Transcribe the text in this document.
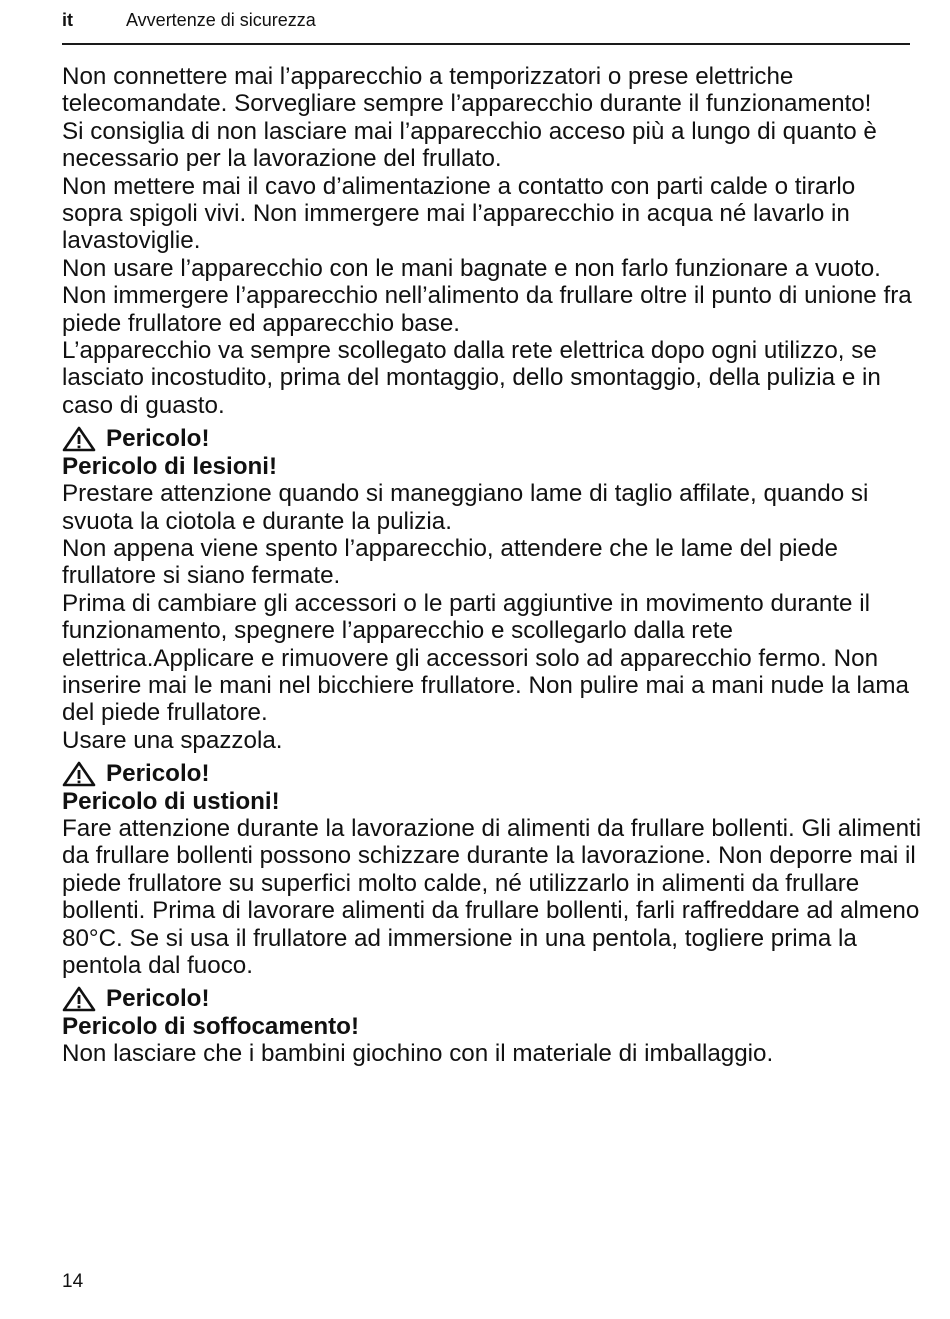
it	Avvertenze di sicurezza

Non connettere mai l’apparecchio a temporizzatori o prese elettriche telecomandate. Sorvegliare sempre l’apparecchio durante il funzionamento!

Si consiglia di non lasciare mai l’apparecchio acceso più a lungo di quanto è necessario per la lavorazione del frullato.

Non mettere mai il cavo d’alimentazione a contatto con parti calde o tirarlo sopra spigoli vivi. Non immergere mai l’apparecchio in acqua né lavarlo in lavastoviglie.

Non usare l’apparecchio con le mani bagnate e non farlo funzionare a vuoto.

Non immergere l’apparecchio nell’alimento da frullare oltre il punto di unione fra piede frullatore ed apparecchio base.

L’apparecchio va sempre scollegato dalla rete elettrica dopo ogni utilizzo, se lasciato incostudito, prima del montaggio, dello smontaggio, della pulizia e in caso di guasto.

Pericolo!

Pericolo di lesioni!

Prestare attenzione quando si maneggiano lame di taglio affilate, quando si svuota la ciotola e durante la pulizia.

Non appena viene spento l’apparecchio, attendere che le lame del piede frullatore si siano fermate.

Prima di cambiare gli accessori o le parti aggiuntive in movimento durante il funzionamento, spegnere l’apparecchio e scollegarlo dalla rete elettrica.Applicare e rimuovere gli accessori solo ad apparecchio fermo. Non inserire mai le mani nel bicchiere frullatore. Non pulire mai a mani nude la lama del piede frullatore.

Usare una spazzola.

Pericolo!

Pericolo di ustioni!

Fare attenzione durante la lavorazione di alimenti da frullare bollenti. Gli alimenti da frullare bollenti possono schizzare durante la lavorazione. Non deporre mai il piede frullatore su superfici molto calde, né utilizzarlo in alimenti da frullare bollenti. Prima di lavorare alimenti da frullare bollenti, farli raffreddare ad almeno 80°C. Se si usa il frullatore ad immersione in una pentola, togliere prima la pentola dal fuoco.

Pericolo!

Pericolo di soffocamento!

Non lasciare che i bambini giochino con il materiale di imballaggio.

14
